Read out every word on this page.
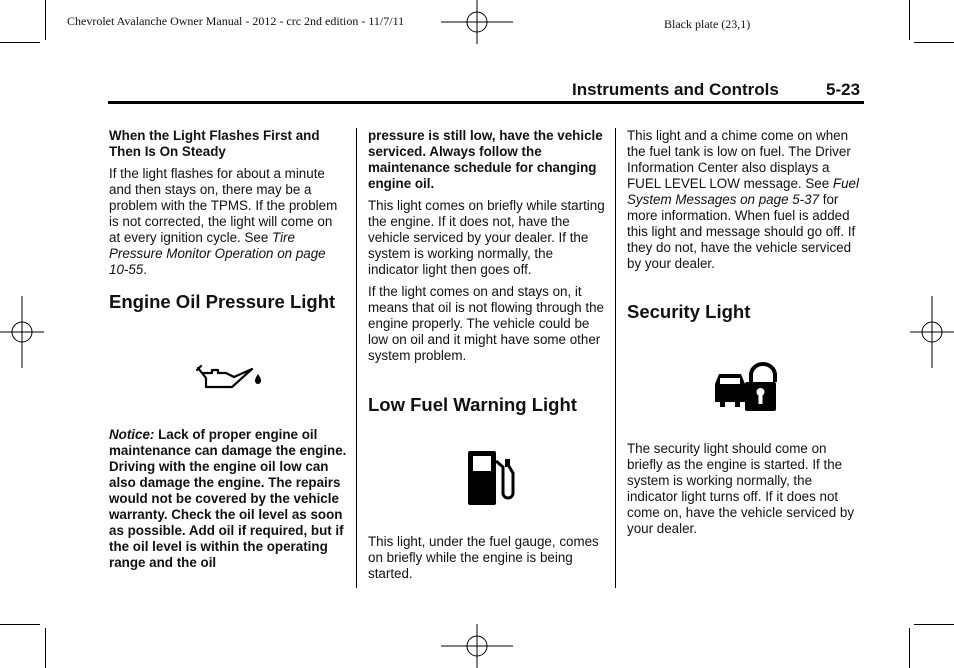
Chevrolet Avalanche Owner Manual - 2012 - crc 2nd edition - 11/7/11	Black plate (23,1)
Instruments and Controls	5-23

When the Light Flashes First and Then Is On Steady

If the light flashes for about a minute and then stays on, there may be a problem with the TPMS. If the problem is not corrected, the light will come on at every ignition cycle. See Tire Pressure Monitor Operation on page 10-55.

Engine Oil Pressure Light

Notice: Lack of proper engine oil maintenance can damage the engine. Driving with the engine oil low can also damage the engine. The repairs would not be covered by the vehicle warranty. Check the oil level as soon as possible. Add oil if required, but if the oil level is within the operating range and the oil

pressure is still low, have the vehicle serviced. Always follow the maintenance schedule for changing engine oil.

This light comes on briefly while starting the engine. If it does not, have the vehicle serviced by your dealer. If the system is working normally, the indicator light then goes off.

If the light comes on and stays on, it means that oil is not flowing through the engine properly. The vehicle could be low on oil and it might have some other system problem.

Low Fuel Warning Light

This light, under the fuel gauge, comes on briefly while the engine is being started.

This light and a chime come on when the fuel tank is low on fuel. The Driver Information Center also displays a FUEL LEVEL LOW message. See Fuel System Messages on page 5-37 for more information. When fuel is added this light and message should go off. If they do not, have the vehicle serviced by your dealer.

Security Light

The security light should come on briefly as the engine is started. If the system is working normally, the indicator light turns off. If it does not come on, have the vehicle serviced by your dealer.
